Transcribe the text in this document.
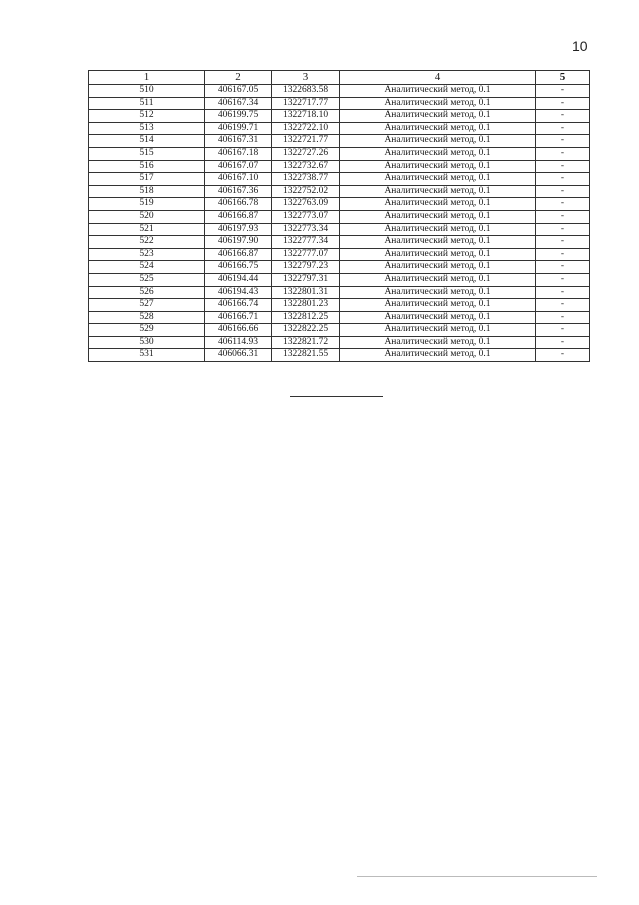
10
1	2	3	4	5
510	406167.05	1322683.58	Аналитический метод, 0.1	-
511	406167.34	1322717.77	Аналитический метод, 0.1	-
512	406199.75	1322718.10	Аналитический метод, 0.1	-
513	406199.71	1322722.10	Аналитический метод, 0.1	-
514	406167.31	1322721.77	Аналитический метод, 0.1	-
515	406167.18	1322727.26	Аналитический метод, 0.1	-
516	406167.07	1322732.67	Аналитический метод, 0.1	-
517	406167.10	1322738.77	Аналитический метод, 0.1	-
518	406167.36	1322752.02	Аналитический метод, 0.1	-
519	406166.78	1322763.09	Аналитический метод, 0.1	-
520	406166.87	1322773.07	Аналитический метод, 0.1	-
521	406197.93	1322773.34	Аналитический метод, 0.1	-
522	406197.90	1322777.34	Аналитический метод, 0.1	-
523	406166.87	1322777.07	Аналитический метод, 0.1	-
524	406166.75	1322797.23	Аналитический метод, 0.1	-
525	406194.44	1322797.31	Аналитический метод, 0.1	-
526	406194.43	1322801.31	Аналитический метод, 0.1	-
527	406166.74	1322801.23	Аналитический метод, 0.1	-
528	406166.71	1322812.25	Аналитический метод, 0.1	-
529	406166.66	1322822.25	Аналитический метод, 0.1	-
530	406114.93	1322821.72	Аналитический метод, 0.1	-
531	406066.31	1322821.55	Аналитический метод, 0.1	-
